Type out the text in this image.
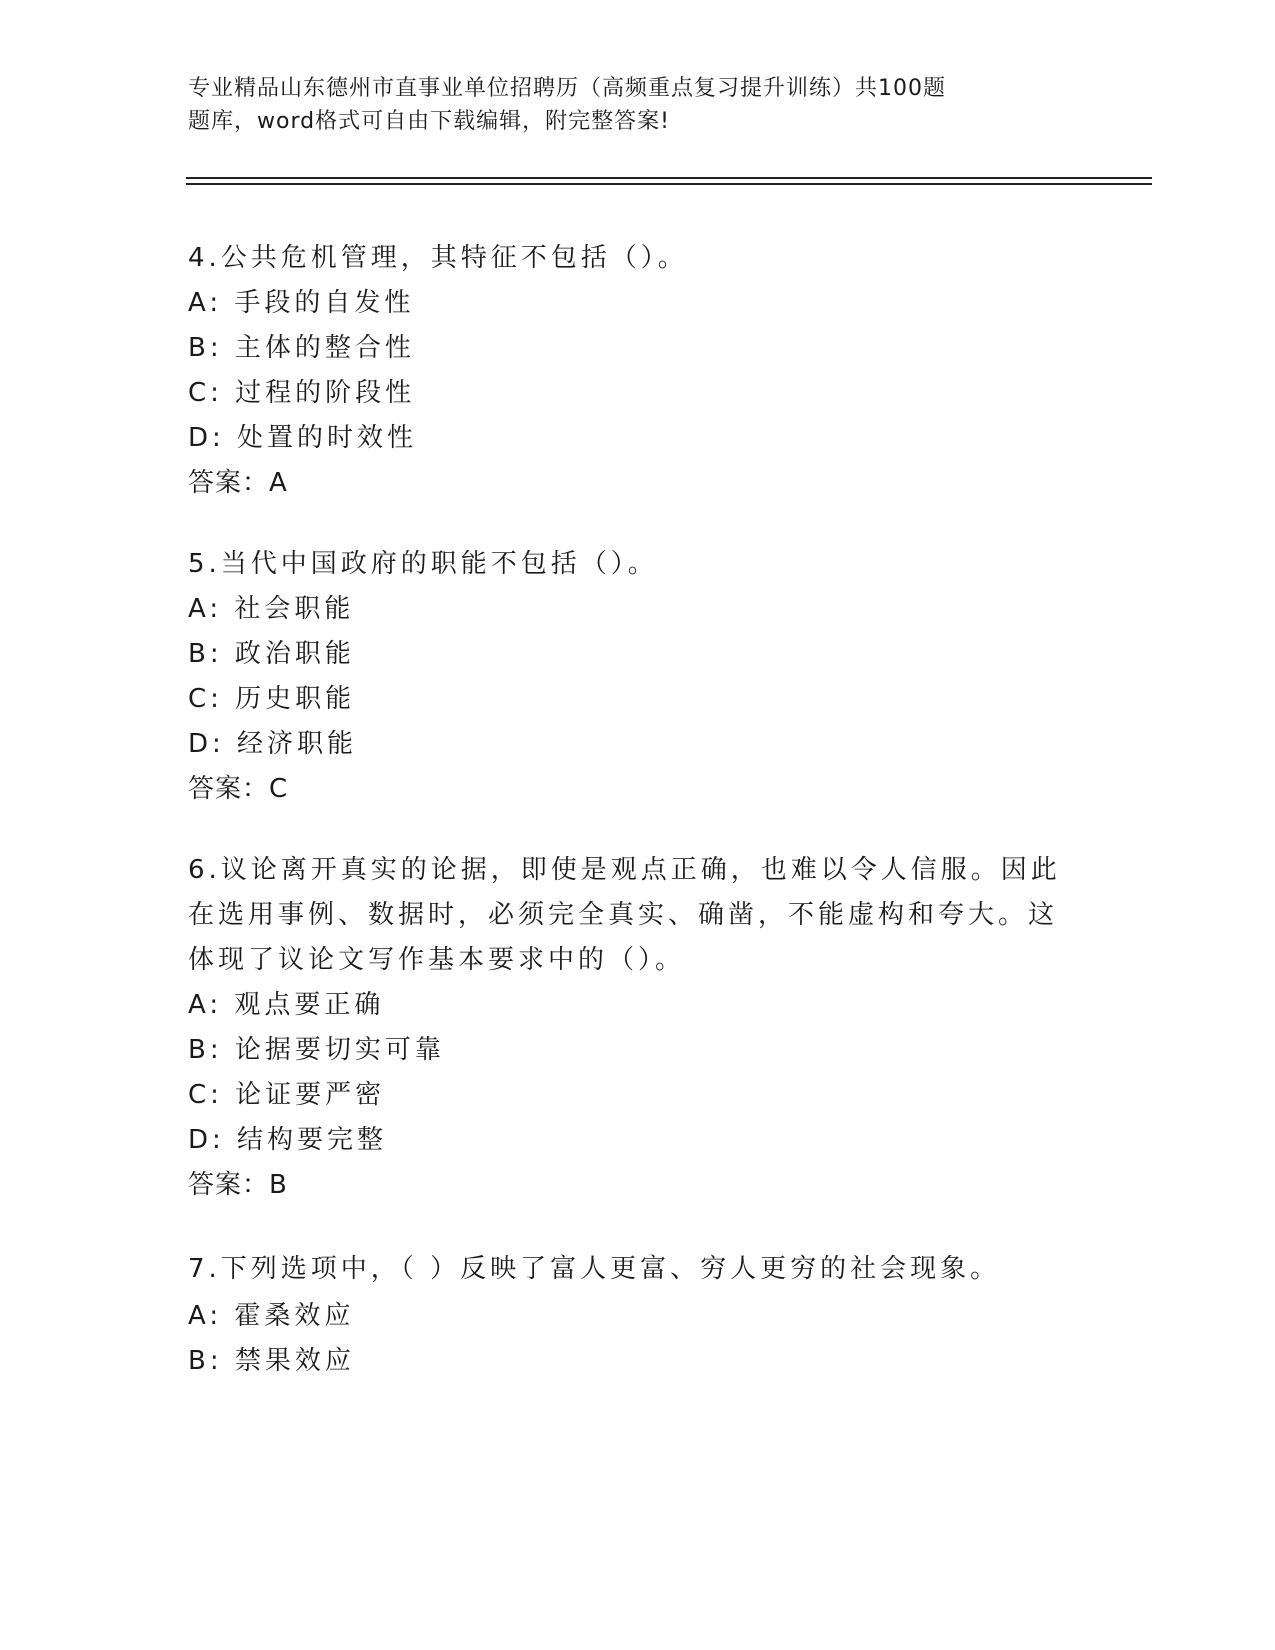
专业精品山东德州市直事业单位招聘历（高频重点复习提升训练）共100题
题库，word格式可自由下载编辑，附完整答案!

4.公共危机管理，其特征不包括（）。

A: 手段的自发性

B: 主体的整合性

C: 过程的阶段性

D: 处置的时效性

答案：A

5.当代中国政府的职能不包括（）。

A: 社会职能

B: 政治职能

C: 历史职能

D: 经济职能

答案：C

6.议论离开真实的论据，即使是观点正确，也难以令人信服。因此在选用事例、数据时，必须完全真实、确凿，不能虚构和夸大。这体现了议论文写作基本要求中的（）。

A: 观点要正确

B: 论据要切实可靠

C: 论证要严密

D: 结构要完整

答案：B

7.下列选项中，（ ）反映了富人更富、穷人更穷的社会现象。

A: 霍桑效应

B: 禁果效应
